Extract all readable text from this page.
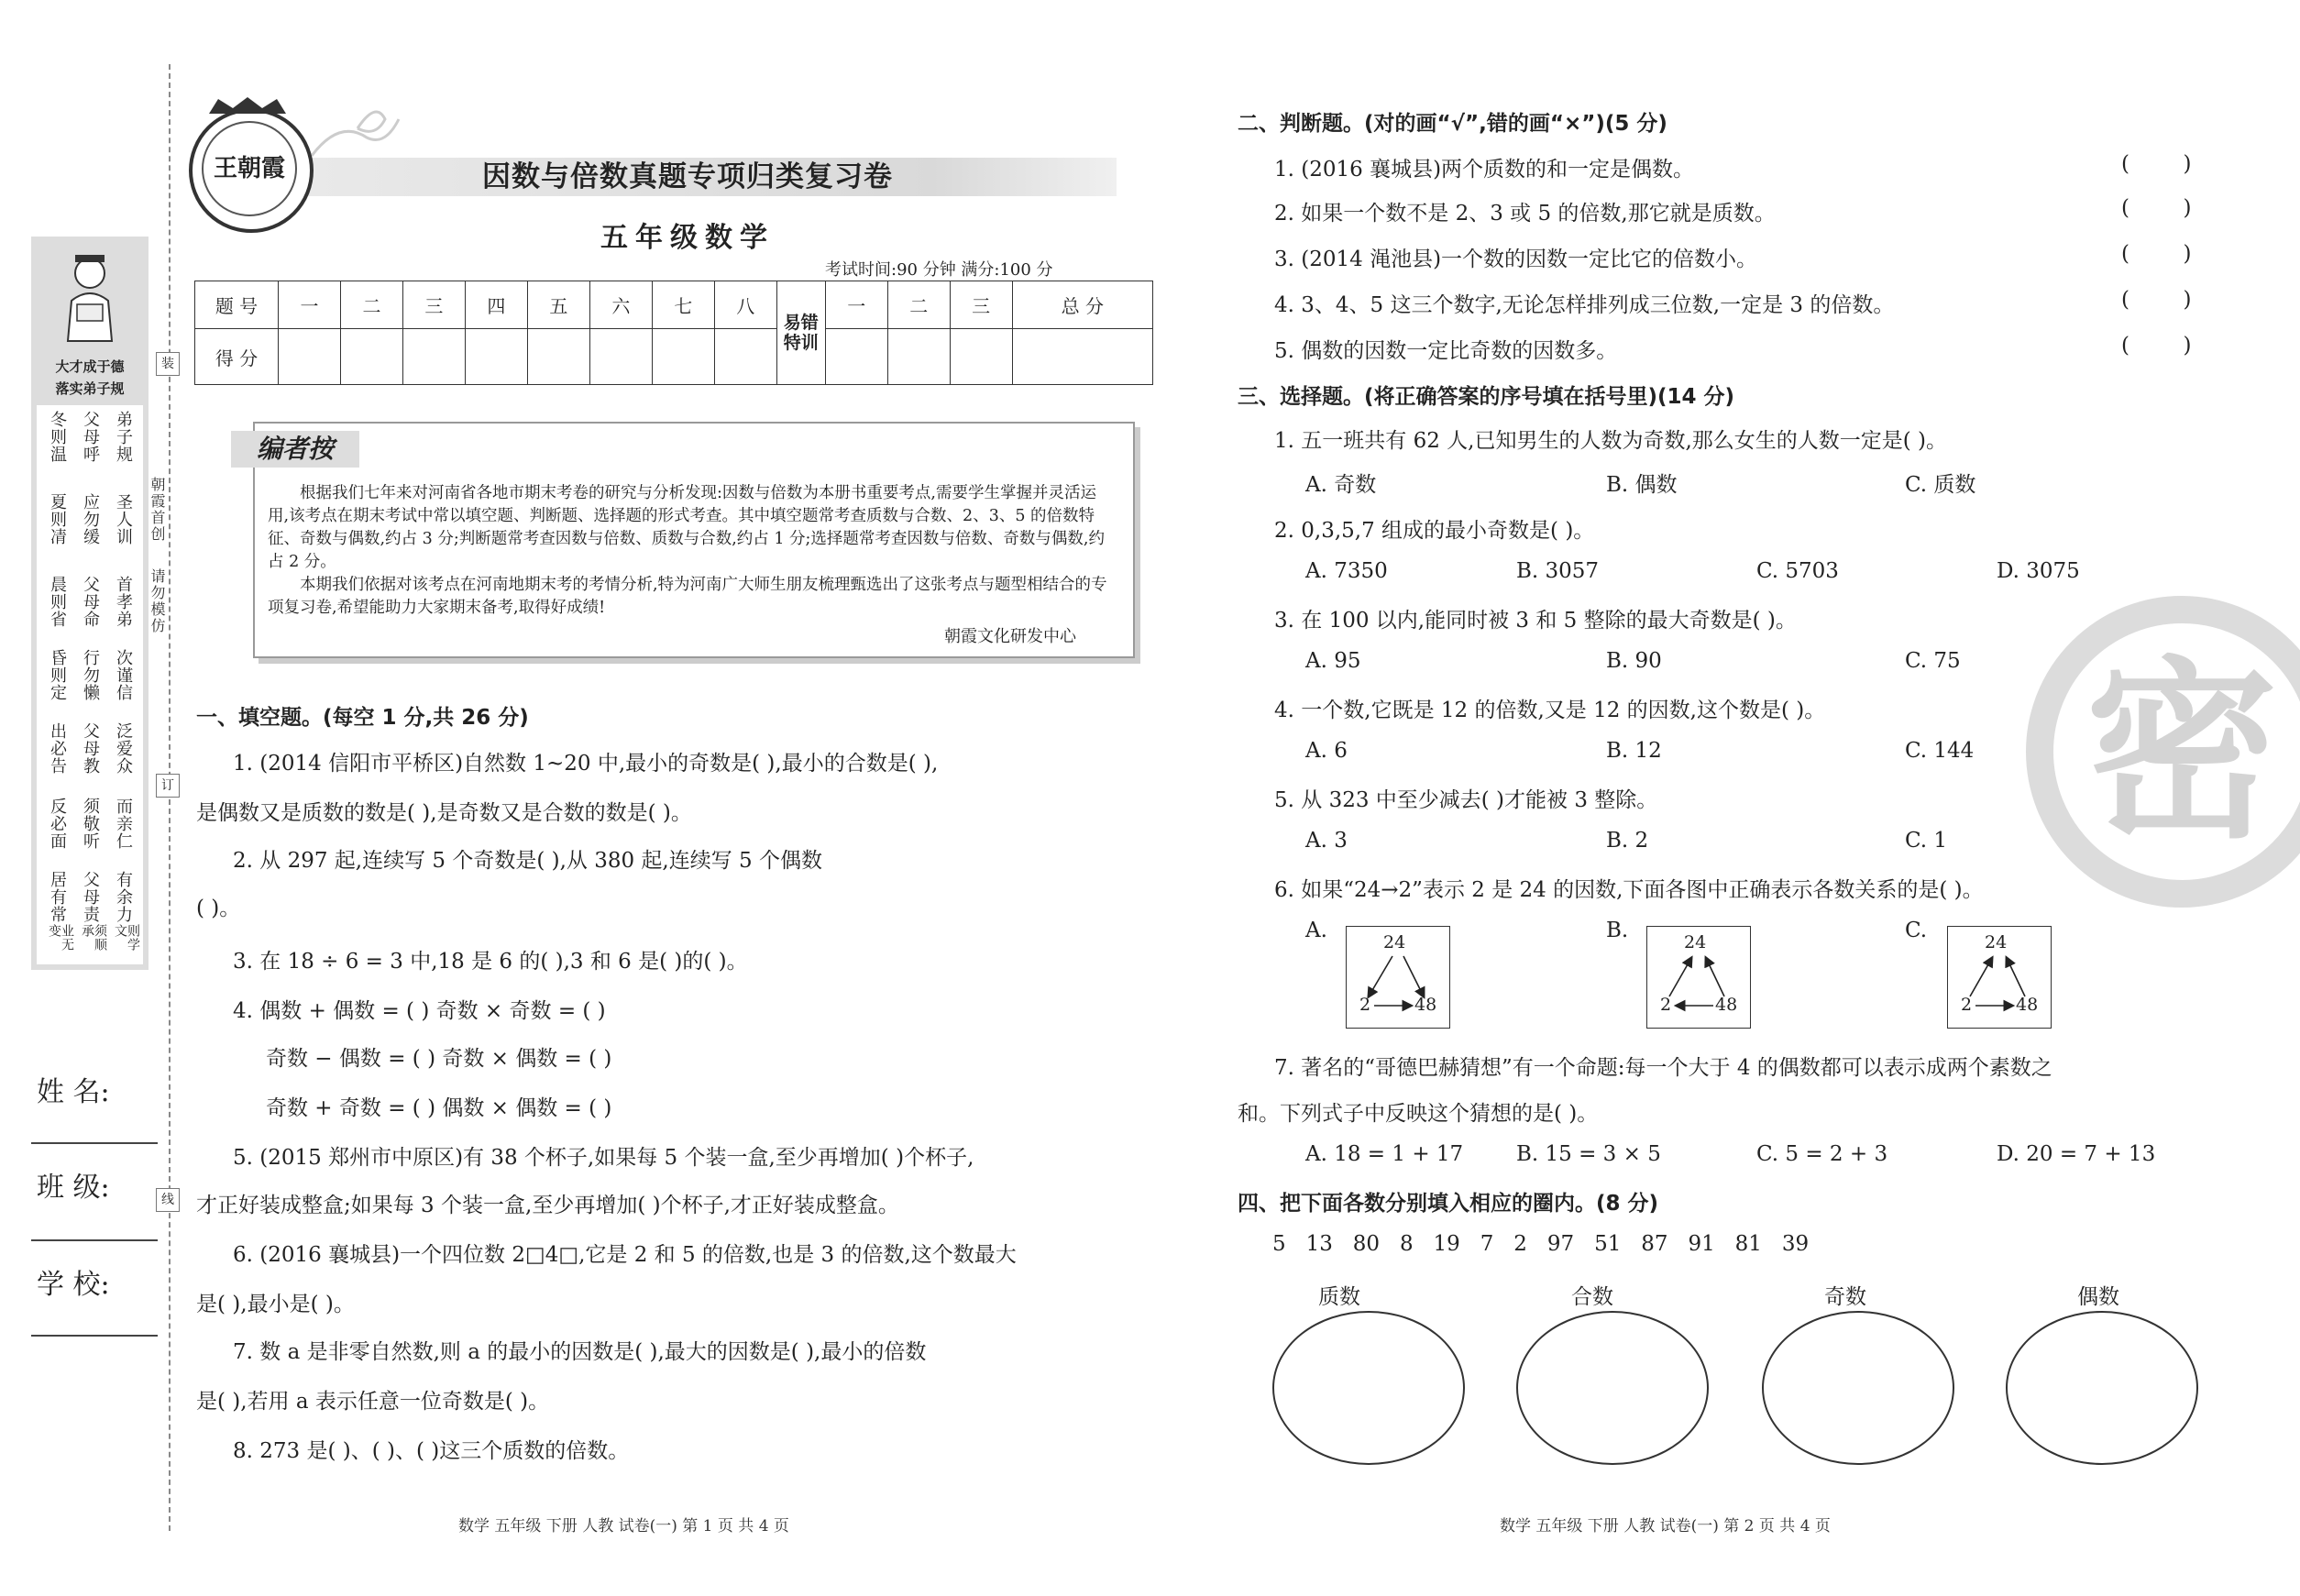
大才成于德
落实弟子规
弟子规
圣人训
首孝弟
次谨信
泛爱众
而亲仁
有余力
则学文
父母呼
应勿缓
父母命
行勿懒
父母教
须敬听
父母责
须顺承
冬则温
夏则凊
晨则省
昏则定
出必告
反必面
居有常
业无变
装
订
线
朝霞首创
请勿模仿
姓 名:
班 级:
学 校:
王朝霞	因数与倍数真题专项归类复习卷
五年级数学
考试时间:90 分钟 满分:100 分
题 号	一	二	三	四	五	六	七	八	易错特训	一	二	三	总 分
得 分													
编者按
根据我们七年来对河南省各地市期末考卷的研究与分析发现:因数与倍数为本册书重要考点,需要学生掌握并灵活运用,该考点在期末考试中常以填空题、判断题、选择题的形式考查。其中填空题常考查质数与合数、2、3、5 的倍数特征、奇数与偶数,约占 3 分;判断题常考查因数与倍数、质数与合数,约占 1 分;选择题常考查因数与倍数、奇数与偶数,约占 2 分。
本期我们依据对该考点在河南地期末考的考情分析,特为河南广大师生朋友梳理甄选出了这张考点与题型相结合的专项复习卷,希望能助力大家期末备考,取得好成绩!
朝霞文化研发中心
一、填空题。(每空 1 分,共 26 分)
1. (2014 信阳市平桥区)自然数 1~20 中,最小的奇数是( ),最小的合数是( ),
是偶数又是质数的数是( ),是奇数又是合数的数是( )。
2. 从 297 起,连续写 5 个奇数是( ),从 380 起,连续写 5 个偶数
( )。
3. 在 18 ÷ 6 = 3 中,18 是 6 的( ),3 和 6 是( )的( )。
4. 偶数 + 偶数 = ( ) 奇数 × 奇数 = ( )
奇数 − 偶数 = ( ) 奇数 × 偶数 = ( )
奇数 + 奇数 = ( ) 偶数 × 偶数 = ( )
5. (2015 郑州市中原区)有 38 个杯子,如果每 5 个装一盒,至少再增加( )个杯子,
才正好装成整盒;如果每 3 个装一盒,至少再增加( )个杯子,才正好装成整盒。
6. (2016 襄城县)一个四位数 2□4□,它是 2 和 5 的倍数,也是 3 的倍数,这个数最大
是( ),最小是( )。
7. 数 a 是非零自然数,则 a 的最小的因数是( ),最大的因数是( ),最小的倍数
是( ),若用 a 表示任意一位奇数是( )。
8. 273 是( )、( )、( )这三个质数的倍数。
数学 五年级 下册 人教 试卷(一) 第 1 页 共 4 页
密
二、判断题。(对的画“√”,错的画“×”)(5 分)
1. (2016 襄城县)两个质数的和一定是偶数。
2. 如果一个数不是 2、3 或 5 的倍数,那它就是质数。
3. (2014 渑池县)一个数的因数一定比它的倍数小。
4. 3、4、5 这三个数字,无论怎样排列成三位数,一定是 3 的倍数。
5. 偶数的因数一定比奇数的因数多。
(        )
(        )
(        )
(        )
(        )
三、选择题。(将正确答案的序号填在括号里)(14 分)
1. 五一班共有 62 人,已知男生的人数为奇数,那么女生的人数一定是( )。
A. 奇数	B. 偶数	C. 质数
2. 0,3,5,7 组成的最小奇数是( )。
A. 7350	B. 3057	C. 5703	D. 3075
3. 在 100 以内,能同时被 3 和 5 整除的最大奇数是( )。
A. 95	B. 90	C. 75
4. 一个数,它既是 12 的倍数,又是 12 的因数,这个数是( )。
A. 6	B. 12	C. 144
5. 从 323 中至少减去( )才能被 3 整除。
A. 3	B. 2	C. 1
6. 如果“24→2”表示 2 是 24 的因数,下面各图中正确表示各数关系的是( )。
A.	B.	C.
24
2	48
24
2	48
24
2	48
7. 著名的“哥德巴赫猜想”有一个命题:每一个大于 4 的偶数都可以表示成两个素数之
和。下列式子中反映这个猜想的是( )。
A. 18 = 1 + 17	B. 15 = 3 × 5	C. 5 = 2 + 3	D. 20 = 7 + 13
四、把下面各数分别填入相应的圈内。(8 分)
5   13   80   8   19   7   2   97   51   87   91   81   39
质数	合数	奇数	偶数
数学 五年级 下册 人教 试卷(一) 第 2 页 共 4 页
